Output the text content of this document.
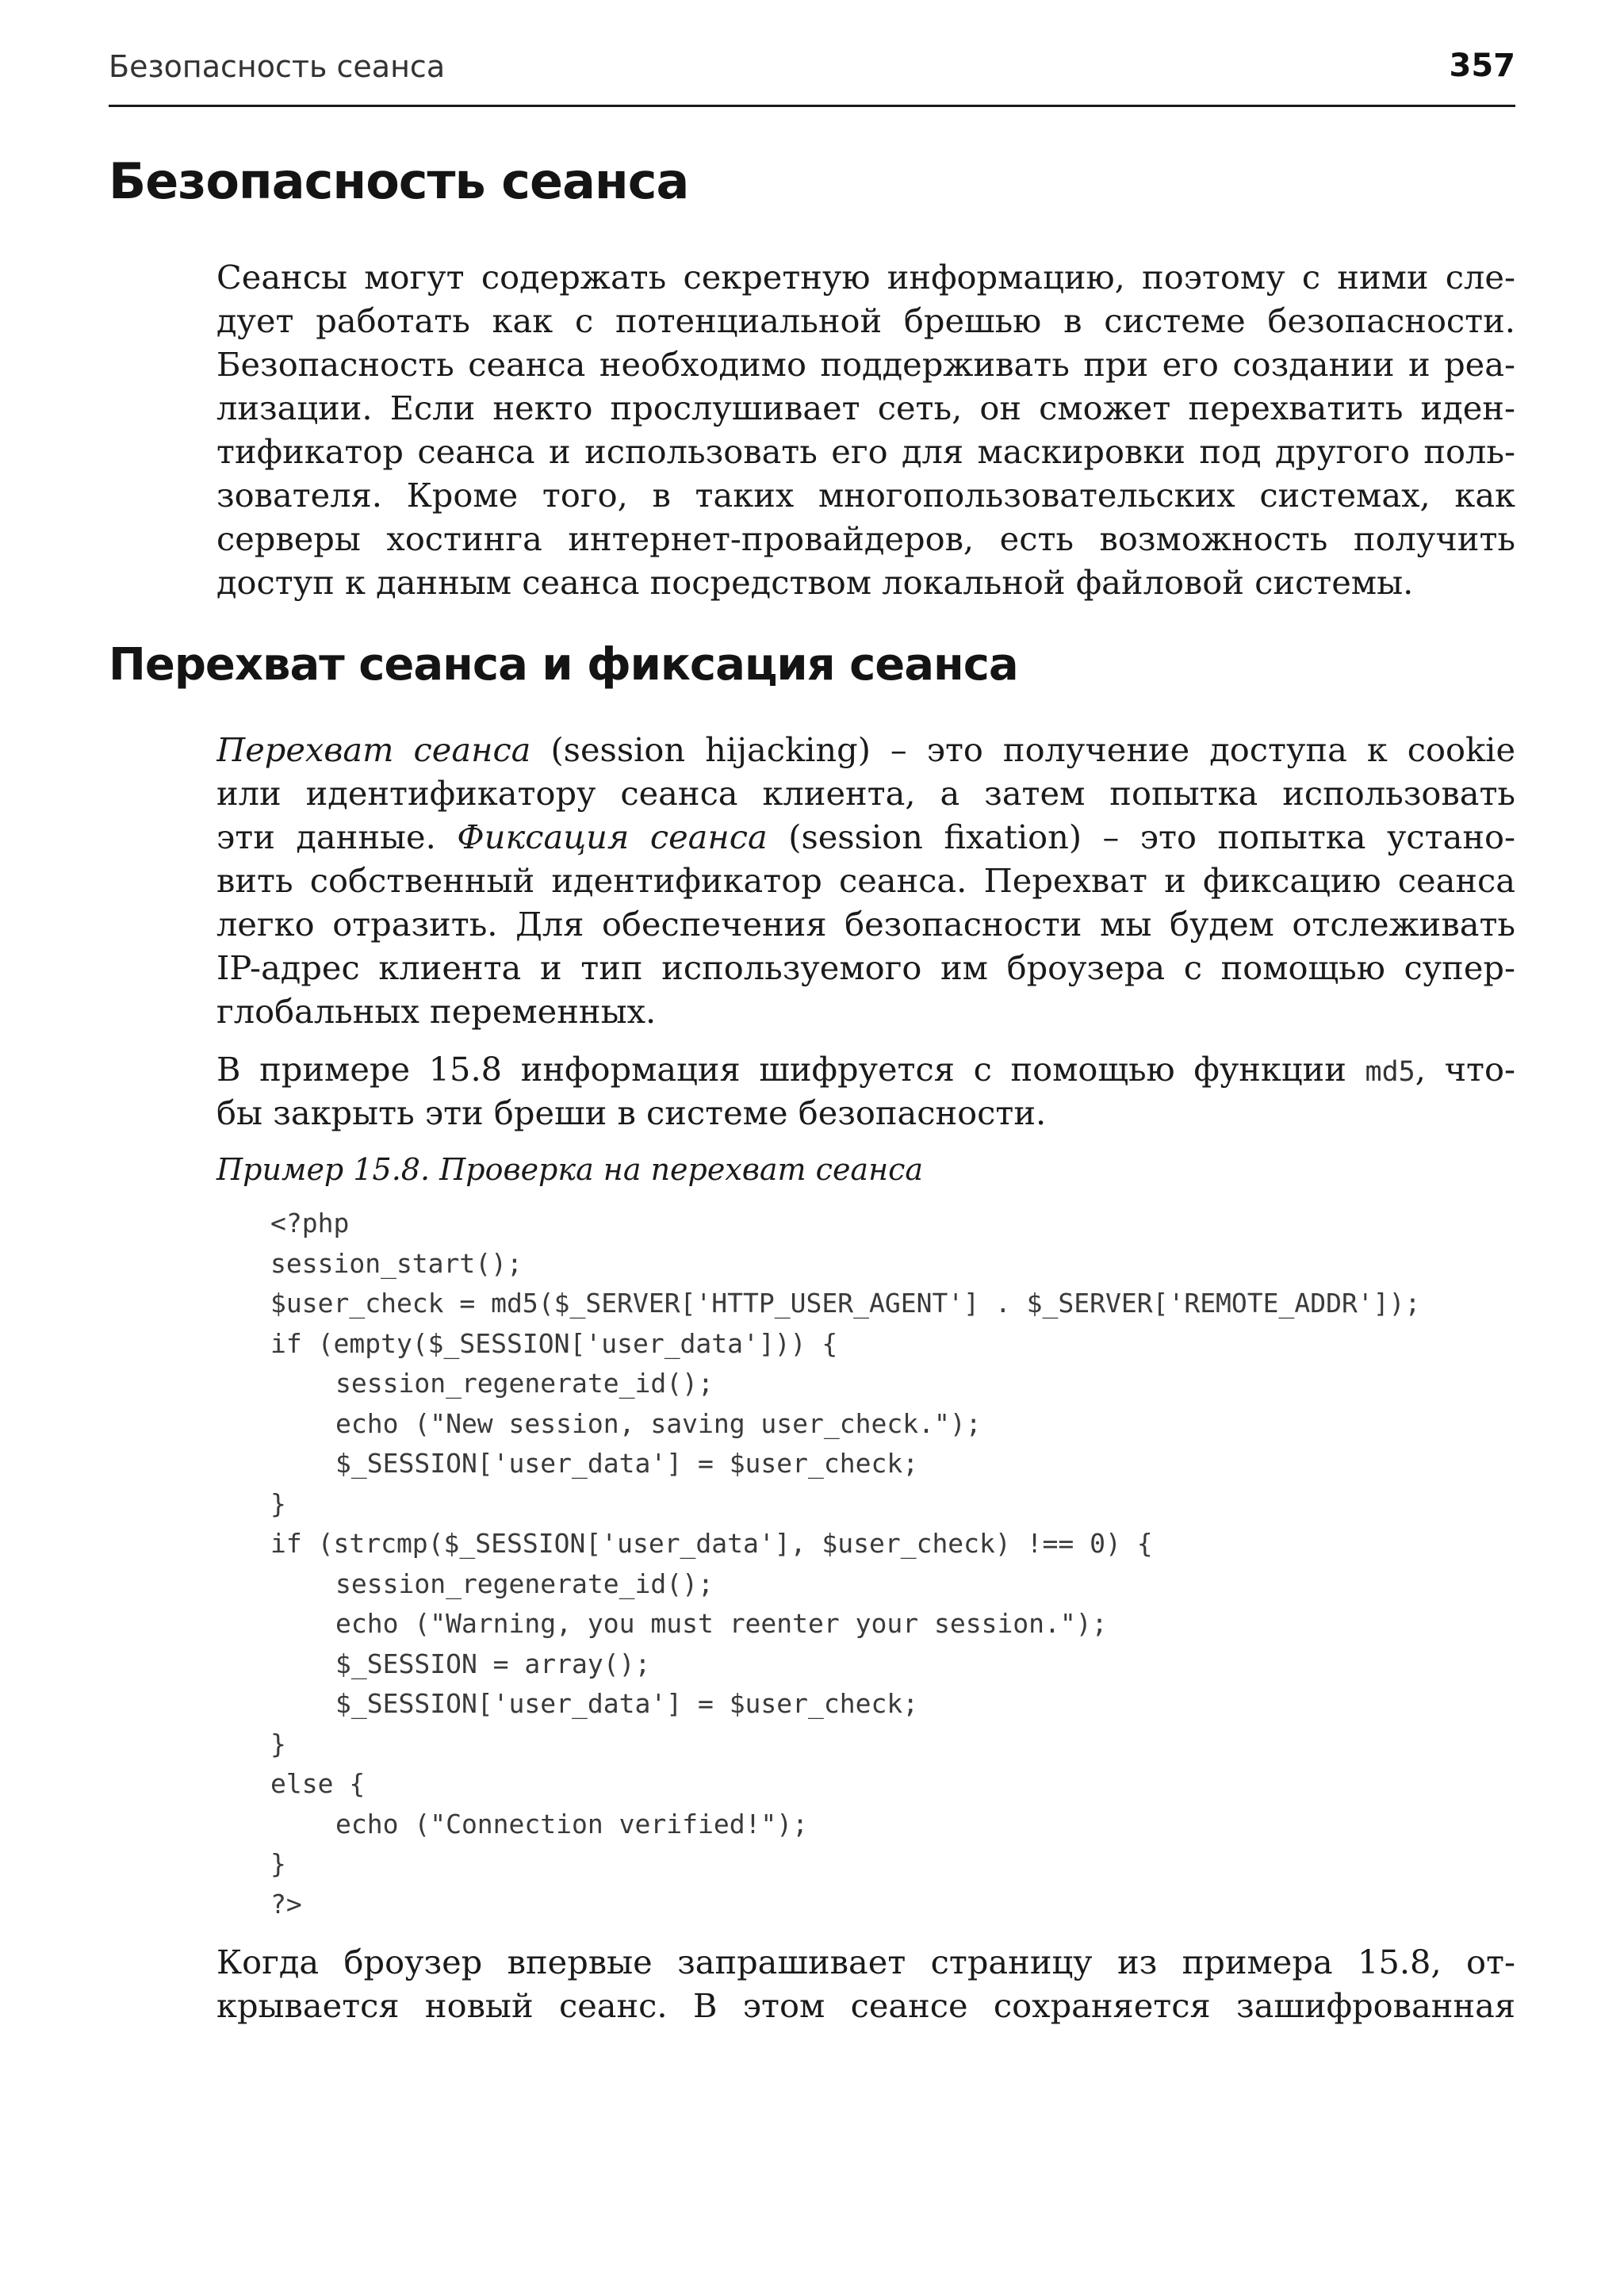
Безопасность сеанса	357
Безопасность сеанса
Сеансы могут содержать секретную информацию, поэтому с ними сле-
дует работать как с потенциальной брешью в системе безопасности.
Безопасность сеанса необходимо поддерживать при его создании и реа-
лизации. Если некто прослушивает сеть, он сможет перехватить иден-
тификатор сеанса и использовать его для маскировки под другого поль-
зователя. Кроме того, в таких многопользовательских системах, как
серверы хостинга интернет-провайдеров, есть возможность получить
доступ к данным сеанса посредством локальной файловой системы.
Перехват сеанса и фиксация сеанса
Перехват сеанса (session hijacking) – это получение доступа к cookie
или идентификатору сеанса клиента, а затем попытка использовать
эти данные. Фиксация сеанса (session fixation) – это попытка устано-
вить собственный идентификатор сеанса. Перехват и фиксацию сеанса
легко отразить. Для обеспечения безопасности мы будем отслеживать
IP-адрес клиента и тип используемого им броузера с помощью супер-
глобальных переменных.
В примере 15.8 информация шифруется с помощью функции md5, что-
бы закрыть эти бреши в системе безопасности.
Пример 15.8. Проверка на перехват сеанса
<?php
session_start();
$user_check = md5($_SERVER['HTTP_USER_AGENT'] . $_SERVER['REMOTE_ADDR']);
if (empty($_SESSION['user_data'])) {
session_regenerate_id();
echo ("New session, saving user_check.");
$_SESSION['user_data'] = $user_check;
}
if (strcmp($_SESSION['user_data'], $user_check) !== 0) {
session_regenerate_id();
echo ("Warning, you must reenter your session.");
$_SESSION = array();
$_SESSION['user_data'] = $user_check;
}
else {
echo ("Connection verified!");
}
?>
Когда броузер впервые запрашивает страницу из примера 15.8, от-
крывается новый сеанс. В этом сеансе сохраняется зашифрованная
